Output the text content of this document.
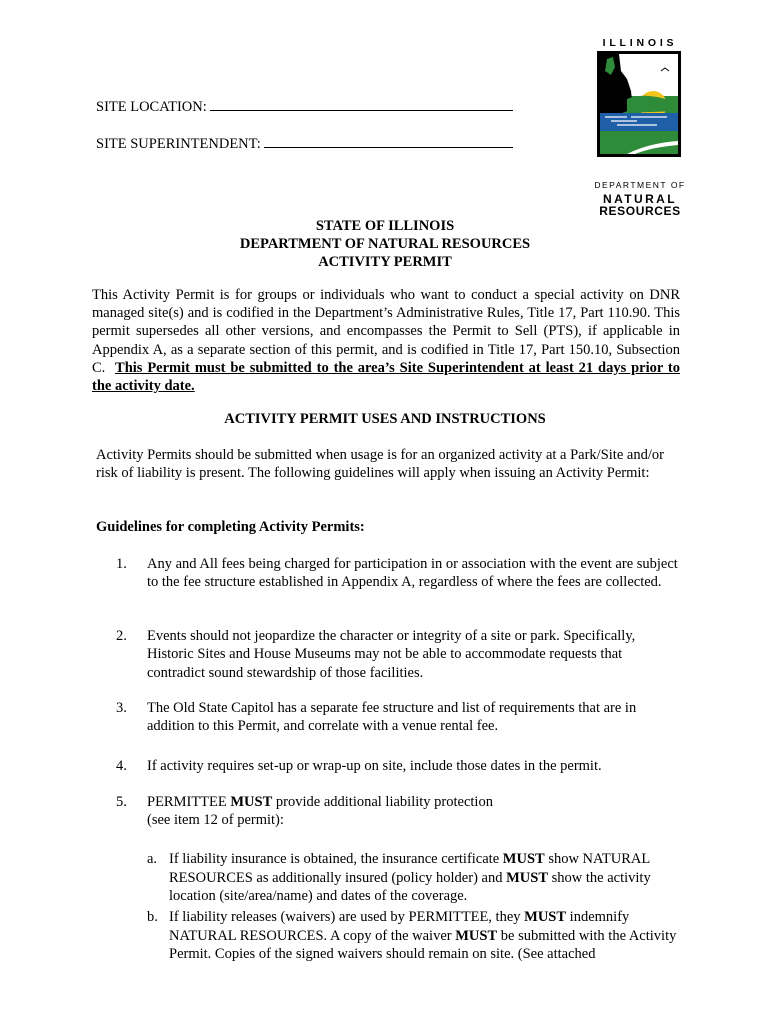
SITE LOCATION:
SITE SUPERINTENDENT:
ILLINOIS
DEPARTMENT OF
NATURAL
RESOURCES
STATE OF ILLINOIS
DEPARTMENT OF NATURAL RESOURCES
ACTIVITY PERMIT
This Activity Permit is for groups or individuals who want to conduct a special activity on DNR managed site(s) and is codified in the Department’s Administrative Rules, Title 17, Part 110.90. This permit supersedes all other versions, and encompasses the Permit to Sell (PTS), if applicable in Appendix A, as a separate section of this permit, and is codified in Title 17, Part 150.10, Subsection C. This Permit must be submitted to the area’s Site Superintendent at least 21 days prior to the activity date.
ACTIVITY PERMIT USES AND INSTRUCTIONS
Activity Permits should be submitted when usage is for an organized activity at a Park/Site and/or risk of liability is present. The following guidelines will apply when issuing an Activity Permit:
Guidelines for completing Activity Permits:
1. Any and All fees being charged for participation in or association with the event are subject to the fee structure established in Appendix A, regardless of where the fees are collected.
2. Events should not jeopardize the character or integrity of a site or park. Specifically, Historic Sites and House Museums may not be able to accommodate requests that contradict sound stewardship of those facilities.
3. The Old State Capitol has a separate fee structure and list of requirements that are in addition to this Permit, and correlate with a venue rental fee.
4. If activity requires set-up or wrap-up on site, include those dates in the permit.
5. PERMITTEE MUST provide additional liability protection
(see item 12 of permit):
a. If liability insurance is obtained, the insurance certificate MUST show NATURAL RESOURCES as additionally insured (policy holder) and MUST show the activity location (site/area/name) and dates of the coverage.
b. If liability releases (waivers) are used by PERMITTEE, they MUST indemnify NATURAL RESOURCES. A copy of the waiver MUST be submitted with the Activity Permit. Copies of the signed waivers should remain on site. (See attached
